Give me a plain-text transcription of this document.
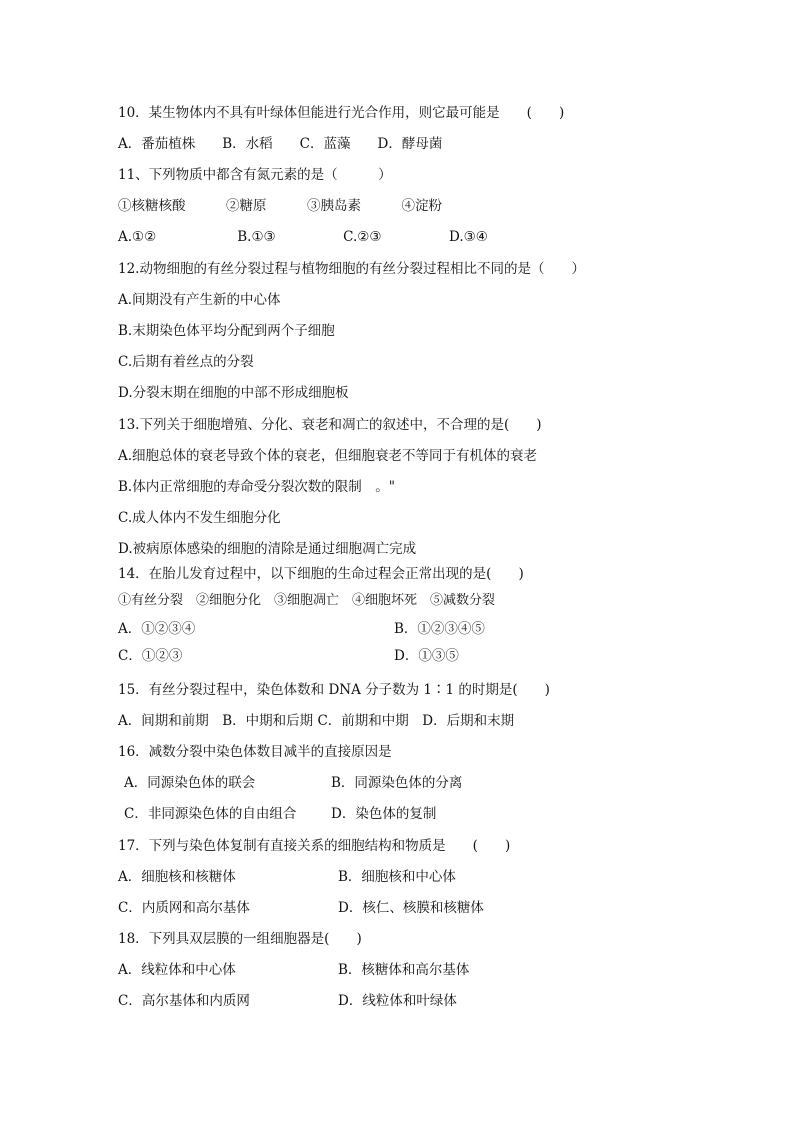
10．某生物体内不具有叶绿体但能进行光合作用，则它最可能是　　(　　)
A．番茄植株　　B．水稻　　C．蓝藻　　D．酵母菌
11、下列物质中都含有氮元素的是（　　　）
①核糖核酸　　　②糖原　　　③胰岛素　　　④淀粉
A.①②　　　　　　B.①③　　　　　C.②③　　　　　D.③④
12.动物细胞的有丝分裂过程与植物细胞的有丝分裂过程相比不同的是（　　）
A.间期没有产生新的中心体
B.末期染色体平均分配到两个子细胞
C.后期有着丝点的分裂
D.分裂末期在细胞的中部不形成细胞板
13.下列关于细胞增殖、分化、衰老和凋亡的叙述中，不合理的是(　　)
A.细胞总体的衰老导致个体的衰老，但细胞衰老不等同于有机体的衰老
B.体内正常细胞的寿命受分裂次数的限制　。"
C.成人体内不发生细胞分化
D.被病原体感染的细胞的清除是通过细胞凋亡完成
14．在胎儿发育过程中，以下细胞的生命过程会正常出现的是(　　)
①有丝分裂　②细胞分化　③细胞凋亡　④细胞坏死　⑤减数分裂
A．①②③④	B．①②③④⑤
C．①②③	D．①③⑤
15．有丝分裂过程中，染色体数和 DNA 分子数为 1∶1 的时期是(　　)
A．间期和前期　B．中期和后期 C．前期和中期　D．后期和末期
16．减数分裂中染色体数目减半的直接原因是
A．同源染色体的联会	B．同源染色体的分离
C．非同源染色体的自由组合	D．染色体的复制
17．下列与染色体复制有直接关系的细胞结构和物质是　　(　　)
A．细胞核和核糖体	B．细胞核和中心体
C．内质网和高尔基体	D．核仁、核膜和核糖体
18．下列具双层膜的一组细胞器是(　　)
A．线粒体和中心体	B．核糖体和高尔基体
C．高尔基体和内质网	D．线粒体和叶绿体
